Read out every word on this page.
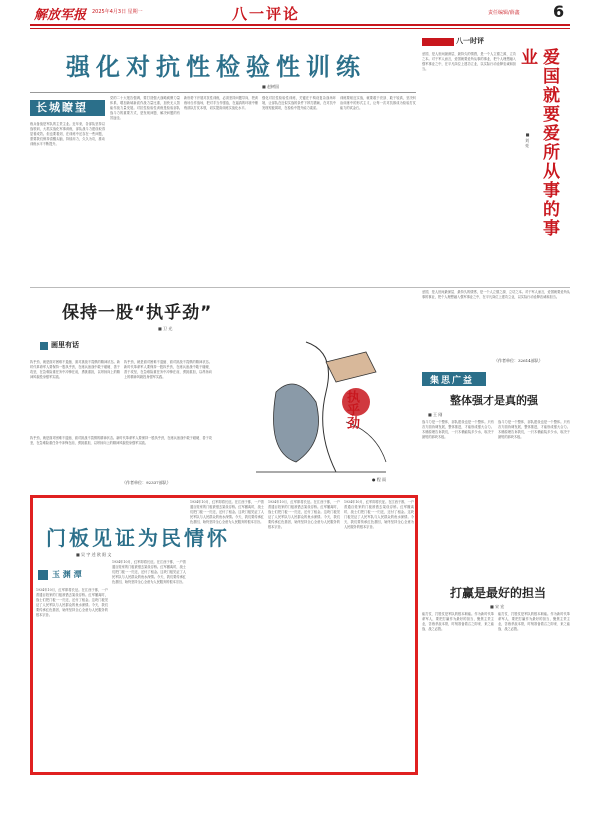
解放军报 2025年4月3日 星期一	八一评论	责任编辑/薛鑫 6
强化对抗性检验性训练
■ 赵树国
长城瞭望
练兵备战是军队的主责主业。近年来，各部队坚持以战领训，大抓实战化军事训练，部队战斗力建设取得显著成效。但也要看到，在训练中还存在一些问题，需要我们保持清醒头脑，持续用力，久久为功，推动训练水平不断提升。
党的二十大报告强调，要打造强大战略威慑力量体系，增加新域新质作战力量比重，加快无人智能作战力量发展。对抗性检验性训练是检验部队战斗力的重要方式，是发现问题、解决问题的有效途径。
新形势下开展对抗性训练，必须坚持问题导向，把训练场当作战场，把对手当作强敌，在逼真的环境中锤炼部队打仗本领，切实提高训练实战化水平。
强化对抗性检验性训练，关键在于构设复杂战场环境，让部队在近似实战的条件下摔打磨砺，在对抗中发现短板弱项，在检验中提升能力素质。
训练要贴近实战，就要敢于亮剑、敢于较真，坚决纠治训练中的形式主义，让每一次对抗都成为检验打仗能力的试金石。
八一时评
爱国，是人世间最深层、最持久的情感，是一个人立德之源、立功之本。对于军人而言，爱国就要爱所从事的事业，把个人理想融入强军事业之中，在平凡岗位上建功立业，以实际行动诠释忠诚和担当。	爱国就要爱所从事的事业
■ 刘 亮
保持一股“执乎劲”
■ 卫 光
画里有话
执乎劲，就是面对困难不退缩、面对挑战不畏惧的精神状态。新时代革命军人要保持一股执乎劲，在练兵备战中敢于碰硬、善于攻坚，在急难险重任务中冲锋在前，勇挑重担，以昂扬向上的精神风貌投身强军实践。
执乎劲，就是面对困难不退缩、面对挑战不畏惧的精神状态。新时代革命军人要保持一股执乎劲，在练兵备战中敢于碰硬、善于攻坚，在急难险重任务中冲锋在前，勇挑重担，以昂扬向上的精神风貌投身强军实践。
执乎劲，就是面对困难不退缩、面对挑战不畏惧的精神状态。新时代革命军人要保持一股执乎劲，在练兵备战中敢于碰硬、善于攻坚，在急难险重任务中冲锋在前，勇挑重担，以昂扬向上的精神风貌投身强军实践。
执乎劲
● 程 雨
（作者单位：92337部队）
爱国，是人世间最深层、最持久的情感，是一个人立德之源、立功之本。对于军人而言，爱国就要爱所从事的事业，把个人理想融入强军事业之中，在平凡岗位上建功立业，以实际行动诠释忠诚和担当。
（作者单位：32614部队）
集思广益
整体强才是真的强
■ 王 刚
战斗力是一个整体，部队建设也是一个整体。只有各方面协调发展，整体推进，才能形成强大合力。木桶原理告诉我们，一只木桶能装多少水，取决于最短的那块木板。
战斗力是一个整体，部队建设也是一个整体。只有各方面协调发展，整体推进，才能形成强大合力。木桶原理告诉我们，一只木桶能装多少水，取决于最短的那块木板。
门板见证为民情怀
■ 吴 宇 述 欧 阳 文
玉 渊 潭
1934年10月，红军即将长征。在江西于都，一户普通百姓家的门板被借去架设浮桥。红军撤离时，战士们把门板一一归还，还付了租金。这块门板见证了人民军队与人民群众的鱼水深情。今天，我们要传承红色基因，始终坚持全心全意为人民服务的根本宗旨。
1934年10月，红军即将长征。在江西于都，一户普通百姓家的门板被借去架设浮桥。红军撤离时，战士们把门板一一归还，还付了租金。这块门板见证了人民军队与人民群众的鱼水深情。今天，我们要传承红色基因，始终坚持全心全意为人民服务的根本宗旨。
1934年10月，红军即将长征。在江西于都，一户普通百姓家的门板被借去架设浮桥。红军撤离时，战士们把门板一一归还，还付了租金。这块门板见证了人民军队与人民群众的鱼水深情。今天，我们要传承红色基因，始终坚持全心全意为人民服务的根本宗旨。
1934年10月，红军即将长征。在江西于都，一户普通百姓家的门板被借去架设浮桥。红军撤离时，战士们把门板一一归还，还付了租金。这块门板见证了人民军队与人民群众的鱼水深情。今天，我们要传承红色基因，始终坚持全心全意为人民服务的根本宗旨。
1934年10月，红军即将长征。在江西于都，一户普通百姓家的门板被借去架设浮桥。红军撤离时，战士们把门板一一归还，还付了租金。这块门板见证了人民军队与人民群众的鱼水深情。今天，我们要传承红色基因，始终坚持全心全意为人民服务的根本宗旨。
打赢是最好的担当
■ 宋 宏
能打仗、打胜仗是军队的根本职能。作为新时代革命军人，要把打赢作为最好的担当，聚焦主责主业，苦练杀敌本领，时刻准备着召之即来、来之能战、战之必胜。
能打仗、打胜仗是军队的根本职能。作为新时代革命军人，要把打赢作为最好的担当，聚焦主责主业，苦练杀敌本领，时刻准备着召之即来、来之能战、战之必胜。
